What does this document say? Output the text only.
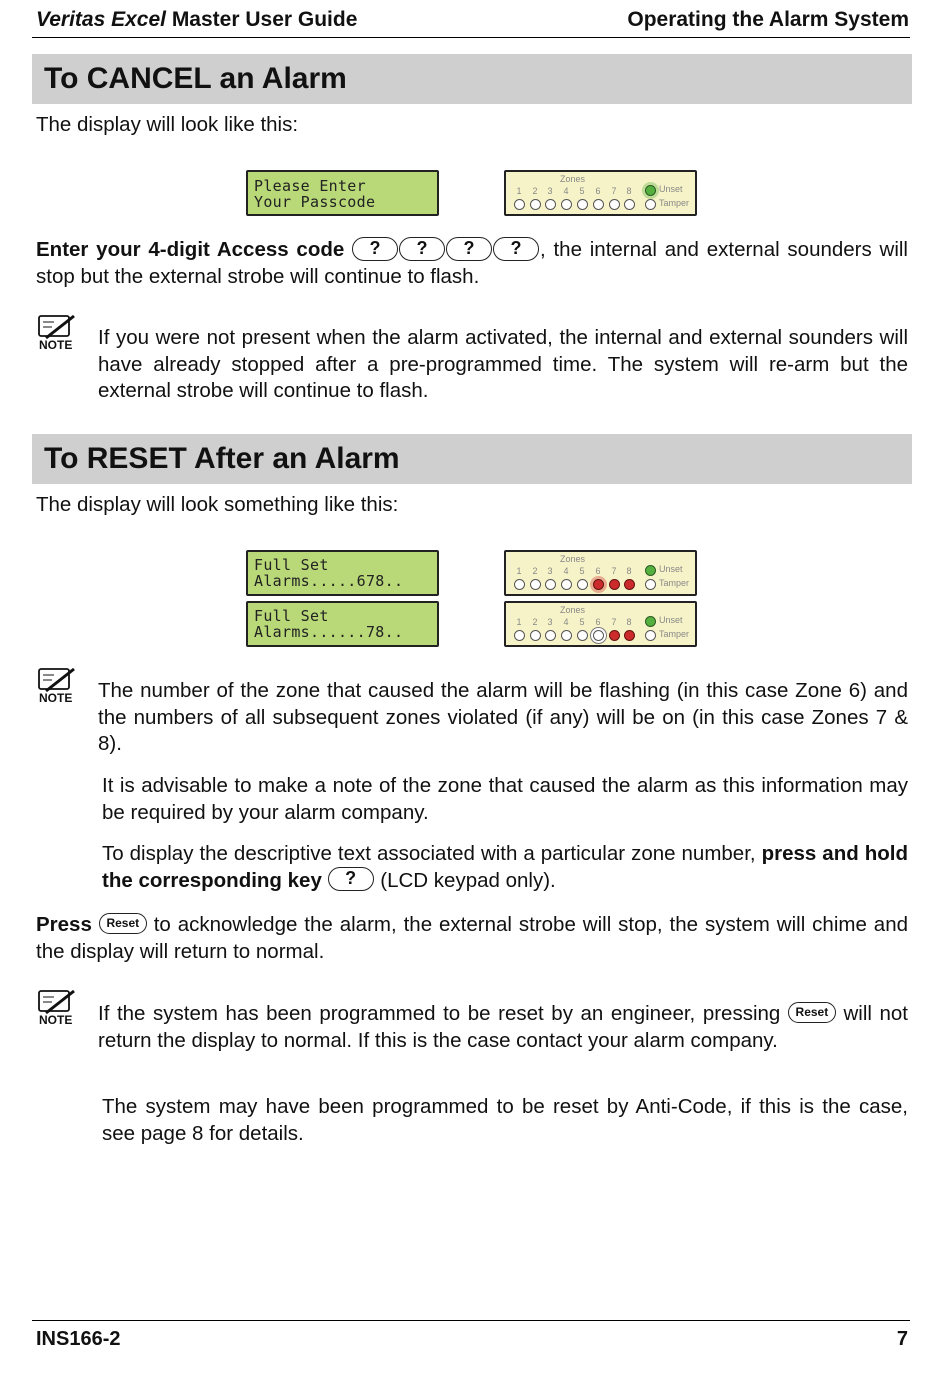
Veritas Excel Master User Guide	Operating the Alarm System
To CANCEL an Alarm
The display will look like this:
Please Enter
Your Passcode
Zones
1	2	3	4	5	6	7	8	Unset
Tamper
Enter your 4-digit Access code ? ? ? ? , the internal and external sounders will stop but the external strobe will continue to flash.
NOTE If you were not present when the alarm activated, the internal and external sounders will have already stopped after a pre-programmed time. The system will re-arm but the external strobe will continue to flash.
To RESET After an Alarm
The display will look something like this:
Full Set
Alarms.....678..
Full Set
Alarms......78..
Zones
1	2	3	4	5	6	7	8	Unset
Tamper
Zones
1	2	3	4	5	6	7	8	Unset
Tamper
NOTE The number of the zone that caused the alarm will be flashing (in this case Zone 6) and the numbers of all subsequent zones violated (if any) will be on (in this case Zones 7 & 8).
It is advisable to make a note of the zone that caused the alarm as this information may be required by your alarm company.
To display the descriptive text associated with a particular zone number, press and hold the corresponding key ? (LCD keypad only).
Press Reset to acknowledge the alarm, the external strobe will stop, the system will chime and the display will return to normal.
NOTE If the system has been programmed to be reset by an engineer, pressing Reset will not return the display to normal. If this is the case contact your alarm company.
The system may have been programmed to be reset by Anti-Code, if this is the case, see page 8 for details.
INS166-2	7
